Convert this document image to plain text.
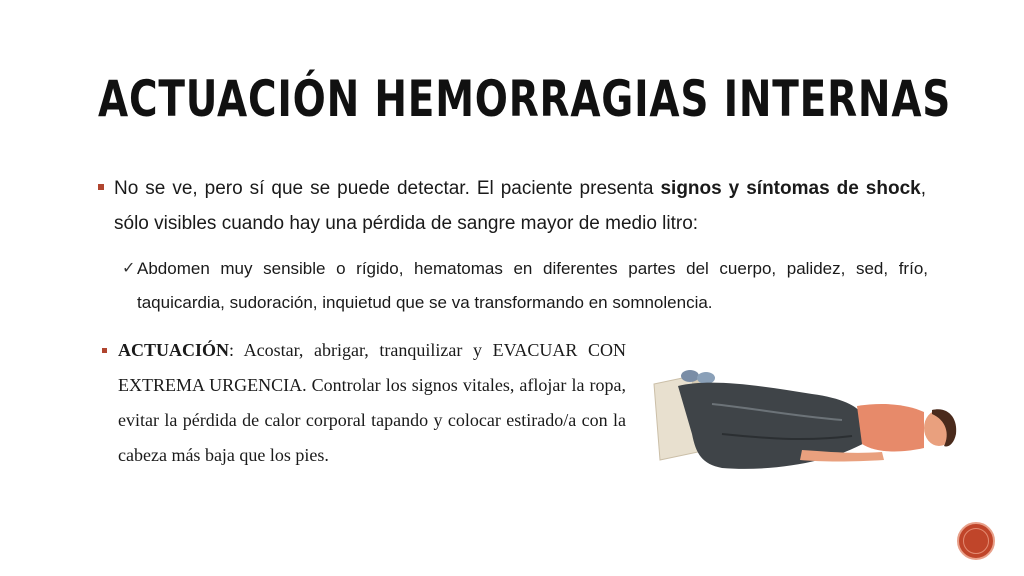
ACTUACIÓN HEMORRAGIAS INTERNAS
No se ve, pero sí que se puede detectar. El paciente presenta signos y síntomas de shock, sólo visibles cuando hay una pérdida de sangre mayor de medio litro:
✓ Abdomen muy sensible o rígido, hematomas en diferentes partes del cuerpo, palidez, sed, frío, taquicardia, sudoración, inquietud que se va transformando en somnolencia.
ACTUACIÓN: Acostar, abrigar, tranquilizar y EVACUAR CON EXTREMA URGENCIA. Controlar los signos vitales, aflojar la ropa, evitar la pérdida de calor corporal tapando y colocar estirado/a con la cabeza más baja que los pies.
